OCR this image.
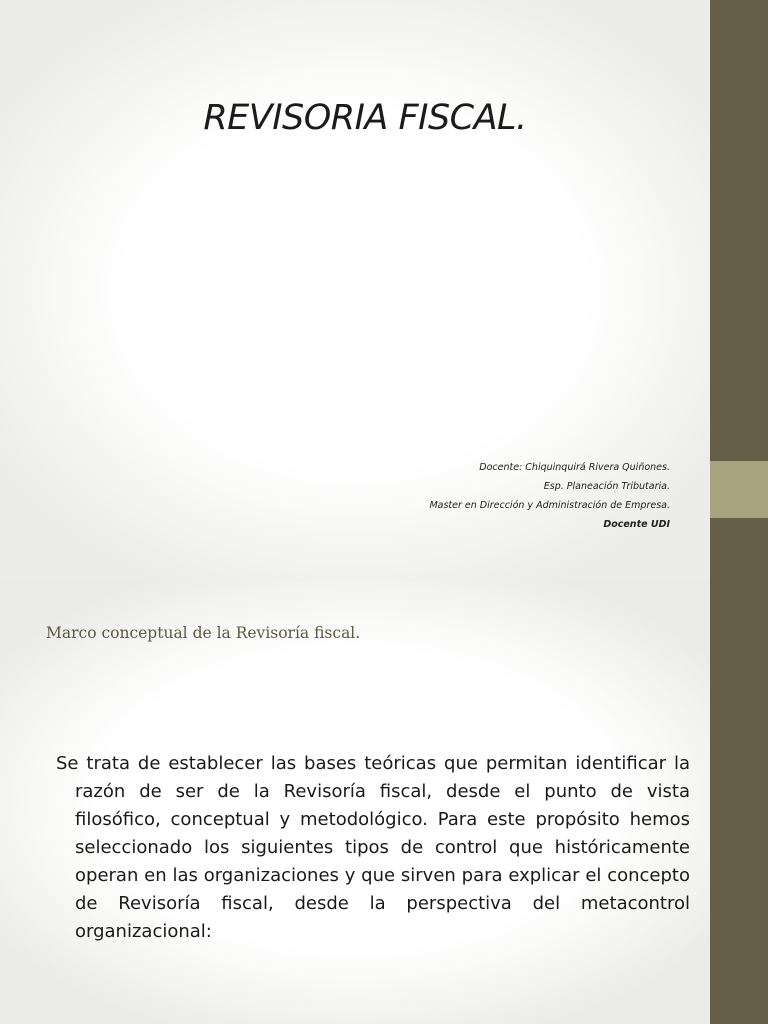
REVISORIA FISCAL.
Docente: Chiquinquirá Rivera Quiñones.
Esp. Planeación Tributaria.
Master en Dirección y Administración de Empresa.
Docente UDI
Marco conceptual de la Revisoría fiscal.

Se trata de establecer las bases teóricas que permitan identificar la razón de ser de la Revisoría fiscal, desde el punto de vista filosófico, conceptual y metodológico. Para este propósito hemos seleccionado los siguientes tipos de control que históricamente operan en las organizaciones y que sirven para explicar el concepto de Revisoría fiscal, desde la perspectiva del metacontrol organizacional:
